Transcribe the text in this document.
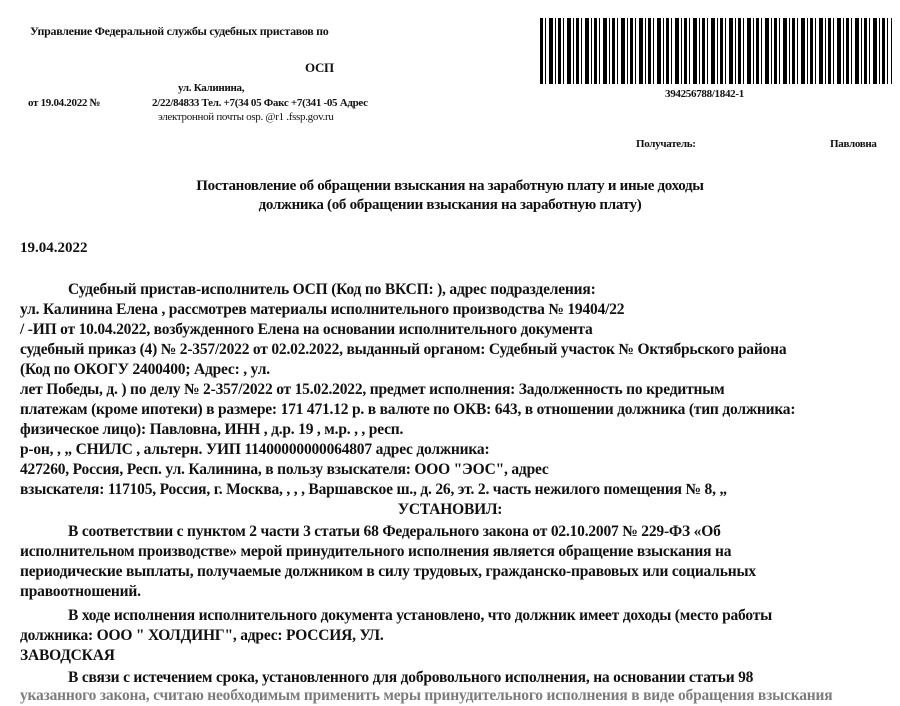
Управление Федеральной службы судебных приставов по
ОСП
ул. Калинина,
от 19.04.2022 №	2/22/84833 Тел. +7(34 05 Факс +7(341 -05 Адрес
электронной почты osp. @r1 .fssp.gov.ru
394256788/1842-1
Получатель:	Павловна
Постановление об обращении взыскания на заработную плату и иные доходы
должника (об обращении взыскания на заработную плату)
19.04.2022
Судебный пристав-исполнитель ОСП (Код по ВКСП: ), адрес подразделения:
ул. Калинина Елена , рассмотрев материалы исполнительного производства № 19404/22
/ -ИП от 10.04.2022, возбужденного Елена на основании исполнительного документа
судебный приказ (4) № 2-357/2022 от 02.02.2022, выданный органом: Судебный участок № Октябрьского района
(Код по ОКОГУ 2400400; Адрес: , ул.
лет Победы, д. ) по делу № 2-357/2022 от 15.02.2022, предмет исполнения: Задолженность по кредитным
платежам (кроме ипотеки) в размере: 171 471.12 р. в валюте по ОКВ: 643, в отношении должника (тип должника:
физическое лицо): Павловна, ИНН , д.р. 19 , м.р. , , респ.
р-он, , „ СНИЛС , альтерн. УИП 11400000000064807 адрес должника:
427260, Россия, Респ. ул. Калинина, в пользу взыскателя: ООО "ЭОС", адрес
взыскателя: 117105, Россия, г. Москва, , , , Варшавское ш., д. 26, эт. 2. часть нежилого помещения № 8, „
УСТАНОВИЛ:
В соответствии с пунктом 2 части 3 статьи 68 Федерального закона от 02.10.2007 № 229-ФЗ «Об
исполнительном производстве» мерой принудительного исполнения является обращение взыскания на
периодические выплаты, получаемые должником в силу трудовых, гражданско-правовых или социальных
правоотношений.
В ходе исполнения исполнительного документа установлено, что должник имеет доходы (место работы
должника: ООО " ХОЛДИНГ", адрес: РОССИЯ, УЛ.
ЗАВОДСКАЯ
В связи с истечением срока, установленного для добровольного исполнения, на основании статьи 98
указанного закона, считаю необходимым применить меры принудительного исполнения в виде обращения взыскания
